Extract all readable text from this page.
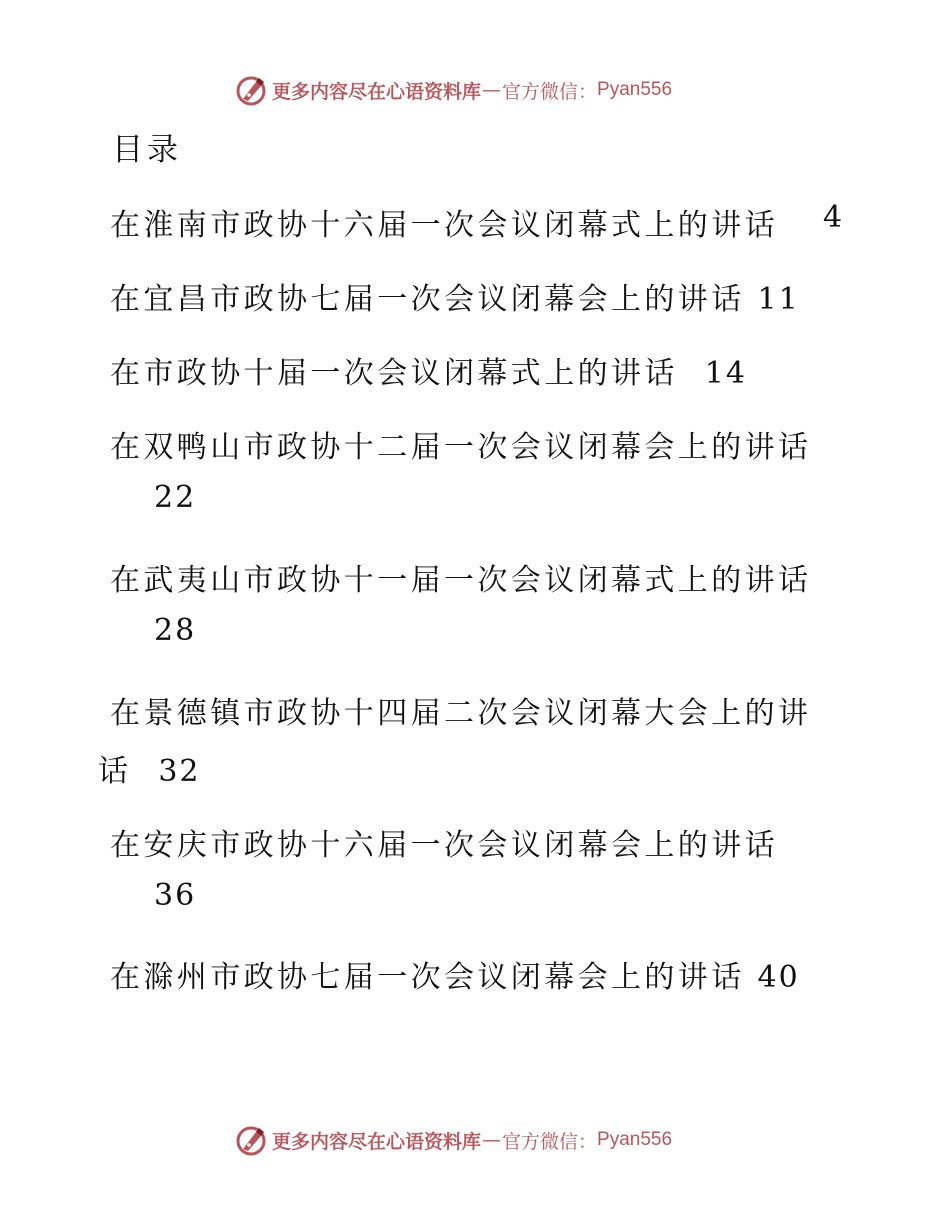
更多内容尽在心语资料库 — 官方微信： Pyan556
目录
在淮南市政协十六届一次会议闭幕式上的讲话 4
在宜昌市政协七届一次会议闭幕会上的讲话 11
在市政协十届一次会议闭幕式上的讲话 14
在双鸭山市政协十二届一次会议闭幕会上的讲话
22
在武夷山市政协十一届一次会议闭幕式上的讲话
28
在景德镇市政协十四届二次会议闭幕大会上的讲
话 32
在安庆市政协十六届一次会议闭幕会上的讲话
36
在滁州市政协七届一次会议闭幕会上的讲话 40
更多内容尽在心语资料库 — 官方微信： Pyan556
